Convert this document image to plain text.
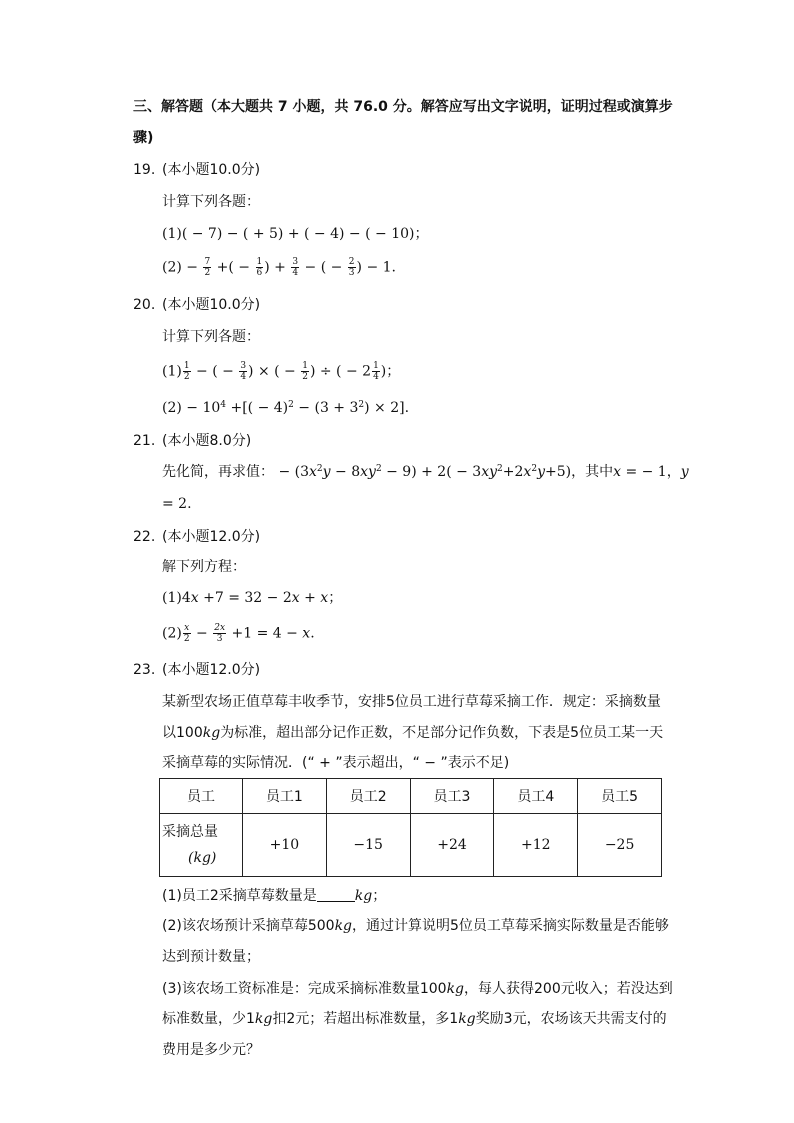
三、解答题（本大题共 7 小题，共 76.0 分。解答应写出文字说明，证明过程或演算步
骤)
19. (本小题10.0分)
计算下列各题：
(1)( − 7) − ( + 5) + ( − 4) − ( − 10)；
$(2) - \frac{7}{2}$ +( − $\frac{1}{6}$ ) + $\frac{3}{4}$ − ( − $\frac{2}{3}$ ) − 1.
20. (本小题10.0分)
计算下列各题：
$(1) \frac{1}{2}$ − ( − $\frac{3}{4}$ ) × ( − $\frac{1}{2}$ ) ÷ ( − $2 \frac{1}{4}$ )；
$(2) - 10^4$ +[( − $4)^2 - (3 + 3^2) \times 2$].
21. (本小题8.0分)
先化简，再求值： − $(3x^2y - 8xy^2 - 9) + 2( - 3xy^2+2x^2y+5)$，其中x = − 1，y
= 2.
22. (本小题12.0分)
解下列方程：
(1)4x +7 = 32 − 2x + x；
$(2) \frac{x}{2} - \frac{2x}{3} +1 = 4 - x$.
23. (本小题12.0分)
某新型农场正值草莓丰收季节，安排5位员工进行草莓采摘工作．规定：采摘数量
以100kg为标准，超出部分记作正数，不足部分记作负数，下表是5位员工某一天
采摘草莓的实际情况．(“ + ”表示超出，“ − ”表示不足)
员工	员工1	员工2	员工3	员工4	员工5

采摘总量
(kg)	+10	−15	+24	+12	−25
(1)员工2采摘草莓数量是	kg；
(2)该农场预计采摘草莓500kg，通过计算说明5位员工草莓采摘实际数量是否能够
达到预计数量；
(3)该农场工资标准是：完成采摘标准数量100kg，每人获得200元收入；若没达到
标准数量，少1kg扣2元；若超出标准数量，多1kg奖励3元，农场该天共需支付的
费用是多少元？
